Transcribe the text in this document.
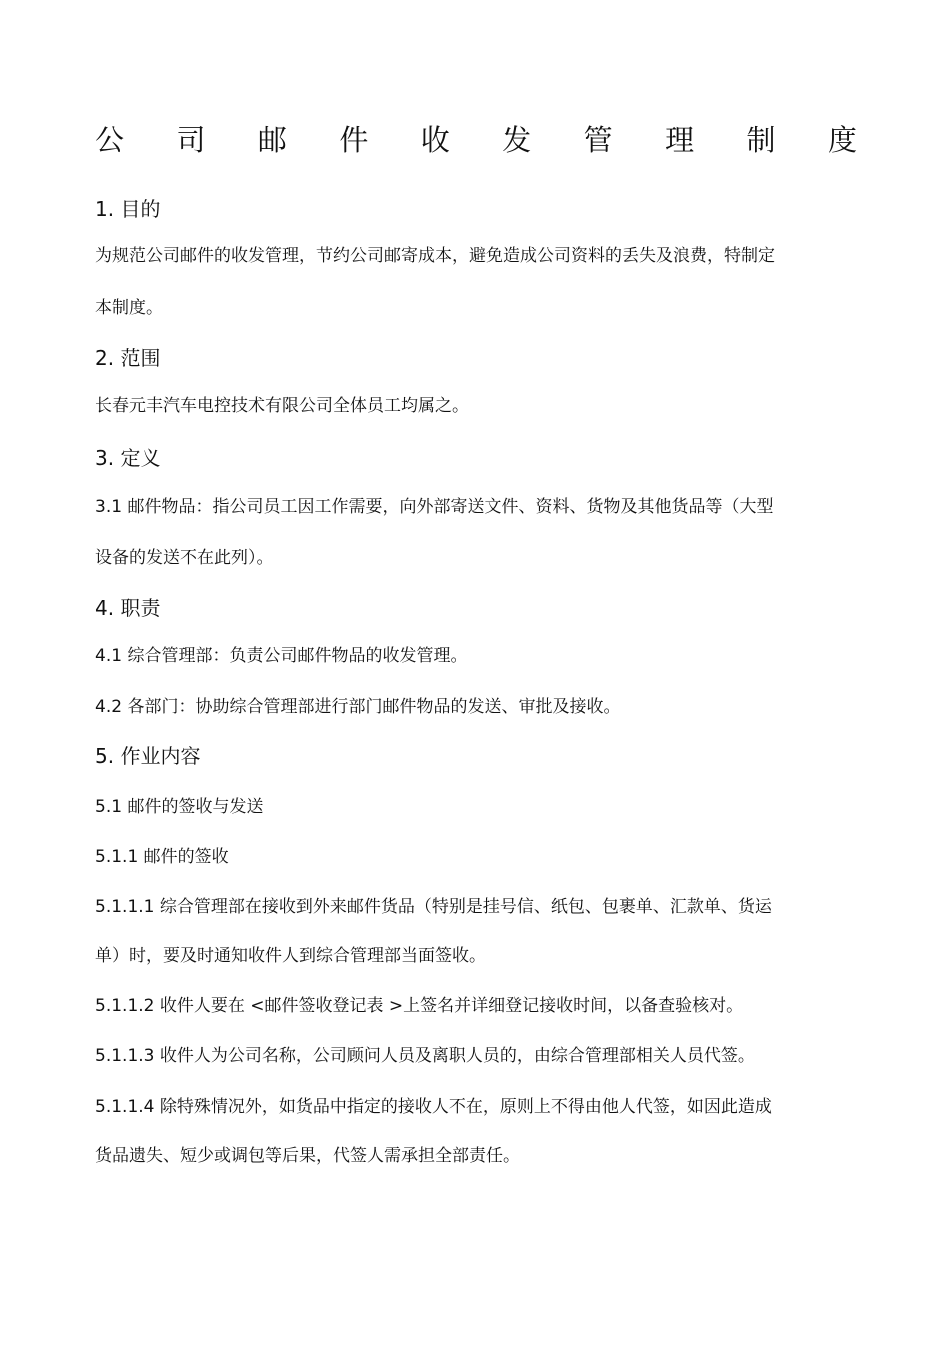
公 司 邮 件 收 发 管 理 制 度
1. 目的
为规范公司邮件的收发管理，节约公司邮寄成本，避免造成公司资料的丢失及浪费，特制定
本制度。
2. 范围
长春元丰汽车电控技术有限公司全体员工均属之。
3. 定义
3.1 邮件物品：指公司员工因工作需要，向外部寄送文件、资料、货物及其他货品等（大型
设备的发送不在此列）。
4. 职责
4.1 综合管理部：负责公司邮件物品的收发管理。
4.2 各部门：协助综合管理部进行部门邮件物品的发送、审批及接收。
5. 作业内容
5.1 邮件的签收与发送
5.1.1 邮件的签收
5.1.1.1 综合管理部在接收到外来邮件货品（特别是挂号信、纸包、包裹单、汇款单、货运
单）时，要及时通知收件人到综合管理部当面签收。
5.1.1.2 收件人要在 <邮件签收登记表 >上签名并详细登记接收时间，以备查验核对。
5.1.1.3 收件人为公司名称，公司顾问人员及离职人员的，由综合管理部相关人员代签。
5.1.1.4 除特殊情况外，如货品中指定的接收人不在，原则上不得由他人代签，如因此造成
货品遗失、短少或调包等后果，代签人需承担全部责任。
